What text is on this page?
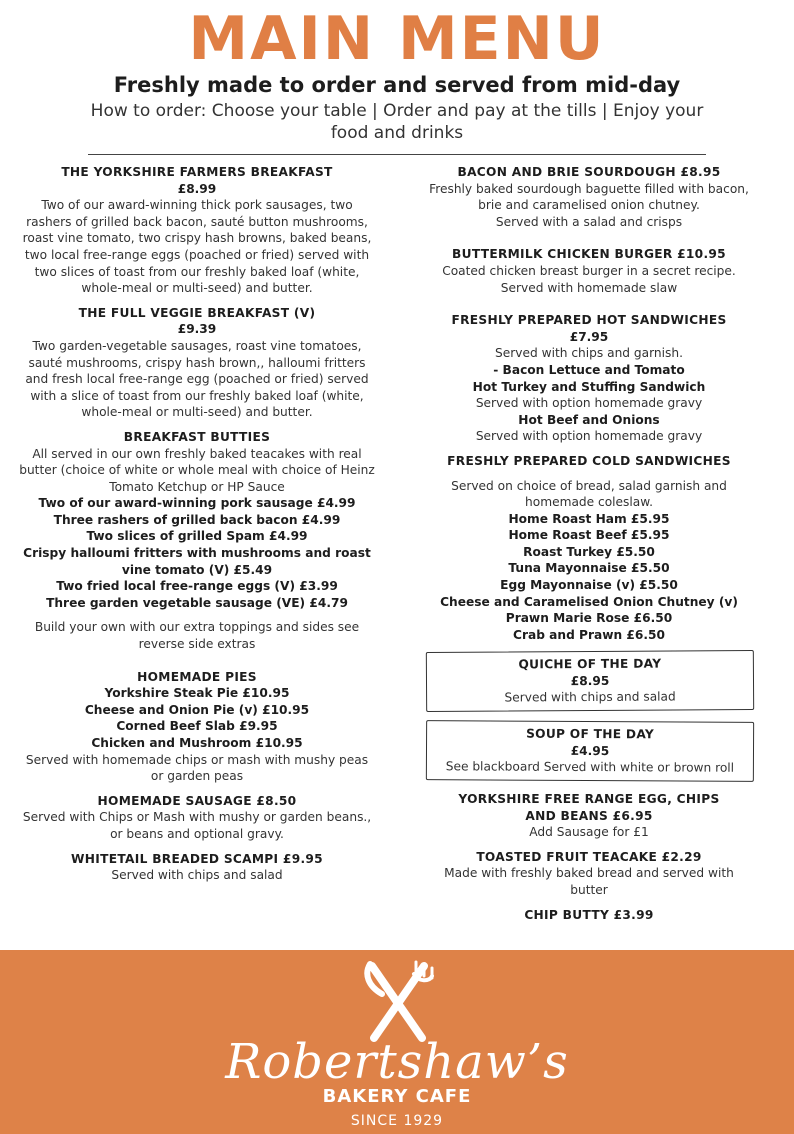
MAIN MENU
Freshly made to order and served from mid-day
How to order: Choose your table | Order and pay at the tills | Enjoy your food and drinks
THE YORKSHIRE FARMERS BREAKFAST
£8.99
Two of our award-winning thick pork sausages, two rashers of grilled back bacon, sauté button mushrooms, roast vine tomato, two crispy hash browns, baked beans, two local free-range eggs (poached or fried) served with two slices of toast from our freshly baked loaf (white, whole-meal or multi-seed) and butter.
THE FULL VEGGIE BREAKFAST (V)
£9.39
Two garden-vegetable sausages, roast vine tomatoes, sauté mushrooms, crispy hash brown,, halloumi fritters and fresh local free-range egg (poached or fried) served with a slice of toast from our freshly baked loaf (white, whole-meal or multi-seed) and butter.
BREAKFAST BUTTIES
All served in our own freshly baked teacakes with real butter (choice of white or whole meal with choice of Heinz Tomato Ketchup or HP Sauce
Two of our award-winning pork sausage £4.99
Three rashers of grilled back bacon £4.99
Two slices of grilled Spam £4.99
Crispy halloumi fritters with mushrooms and roast vine tomato (V) £5.49
Two fried local free-range eggs (V) £3.99
Three garden vegetable sausage (VE) £4.79
Build your own with our extra toppings and sides see reverse side extras
HOMEMADE PIES
Yorkshire Steak Pie £10.95
Cheese and Onion Pie (v) £10.95
Corned Beef Slab £9.95
Chicken and Mushroom £10.95
Served with homemade chips or mash with mushy peas or garden peas
HOMEMADE SAUSAGE £8.50
Served with Chips or Mash with mushy or garden beans., or beans and optional gravy.
WHITETAIL BREADED SCAMPI £9.95
Served with chips and salad
BACON AND BRIE SOURDOUGH £8.95
Freshly baked sourdough baguette filled with bacon, brie and caramelised onion chutney.
Served with a salad and crisps
BUTTERMILK CHICKEN BURGER £10.95
Coated chicken breast burger in a secret recipe.
Served with homemade slaw
FRESHLY PREPARED HOT SANDWICHES
£7.95
Served with chips and garnish.
- Bacon Lettuce and Tomato
Hot Turkey and Stuffing Sandwich
Served with option homemade gravy
Hot Beef and Onions
Served with option homemade gravy
FRESHLY PREPARED COLD SANDWICHES
Served on choice of bread, salad garnish and homemade coleslaw.
Home Roast Ham £5.95
Home Roast Beef £5.95
Roast Turkey £5.50
Tuna Mayonnaise £5.50
Egg Mayonnaise (v) £5.50
Cheese and Caramelised Onion Chutney (v)
Prawn Marie Rose £6.50
Crab and Prawn £6.50
QUICHE OF THE DAY
£8.95
Served with chips and salad
SOUP OF THE DAY
£4.95
See blackboard Served with white or brown roll
YORKSHIRE FREE RANGE EGG, CHIPS
AND BEANS £6.95
Add Sausage for £1
TOASTED FRUIT TEACAKE £2.29
Made with freshly baked bread and served with butter
CHIP BUTTY £3.99
Robertshaw’s
BAKERY CAFE
SINCE 1929
